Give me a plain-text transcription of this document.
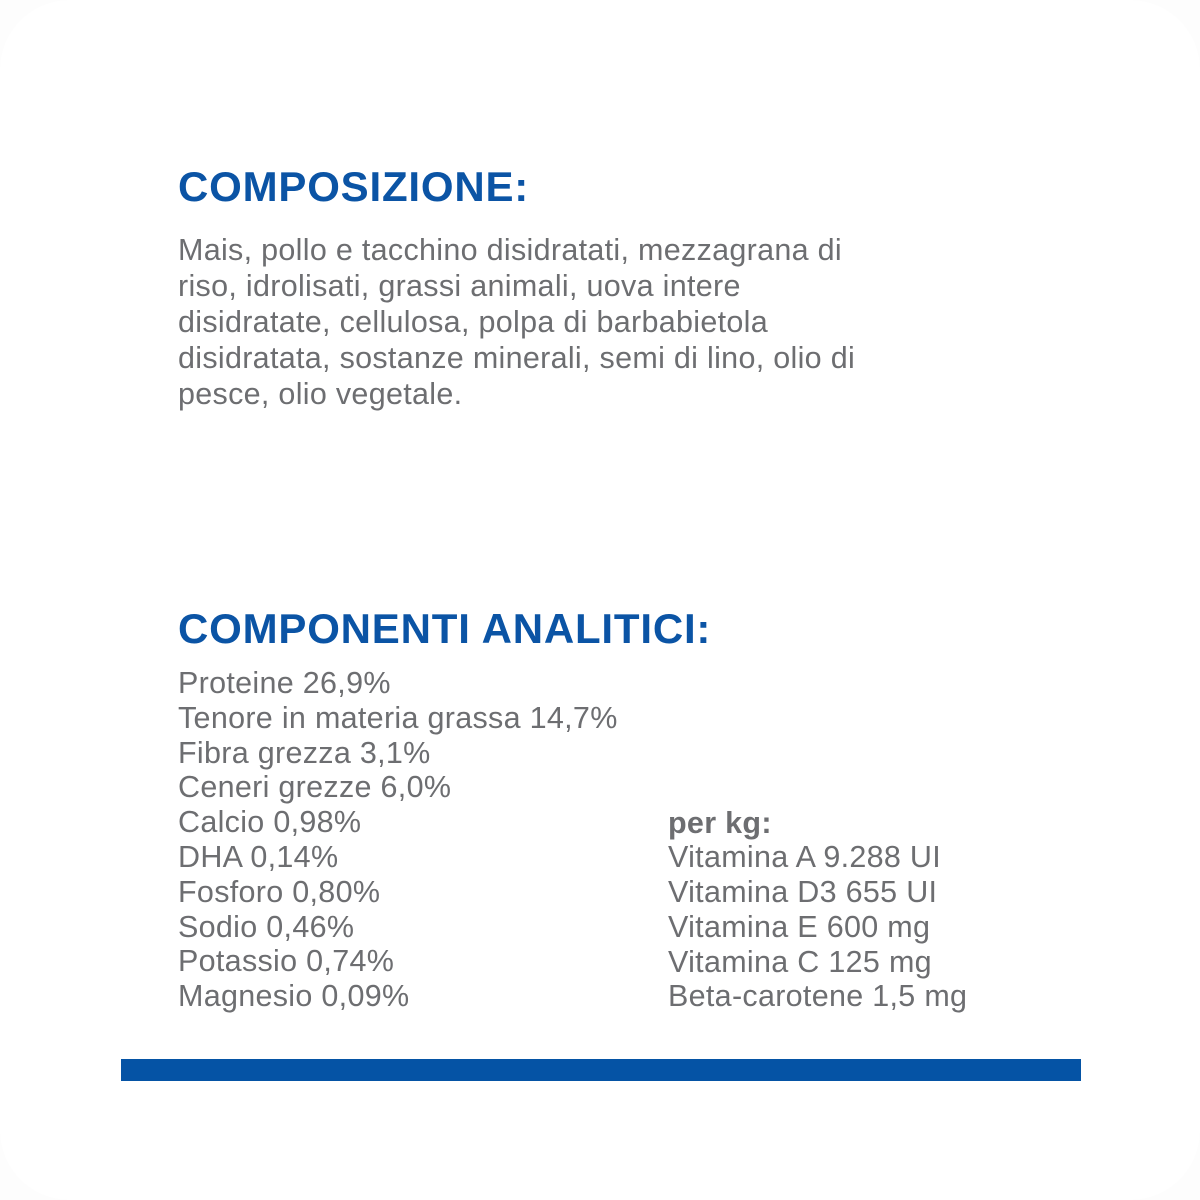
COMPOSIZIONE:
Mais, pollo e tacchino disidratati, mezzagrana di
riso, idrolisati, grassi animali, uova intere
disidratate, cellulosa, polpa di barbabietola
disidratata, sostanze minerali, semi di lino, olio di
pesce, olio vegetale.
COMPONENTI ANALITICI:
Proteine 26,9%
Tenore in materia grassa 14,7%
Fibra grezza 3,1%
Ceneri grezze 6,0%
Calcio 0,98%
DHA 0,14%
Fosforo 0,80%
Sodio 0,46%
Potassio 0,74%
Magnesio 0,09%
per kg:
Vitamina A 9.288 UI
Vitamina D3 655 UI
Vitamina E 600 mg
Vitamina C 125 mg
Beta-carotene 1,5 mg
